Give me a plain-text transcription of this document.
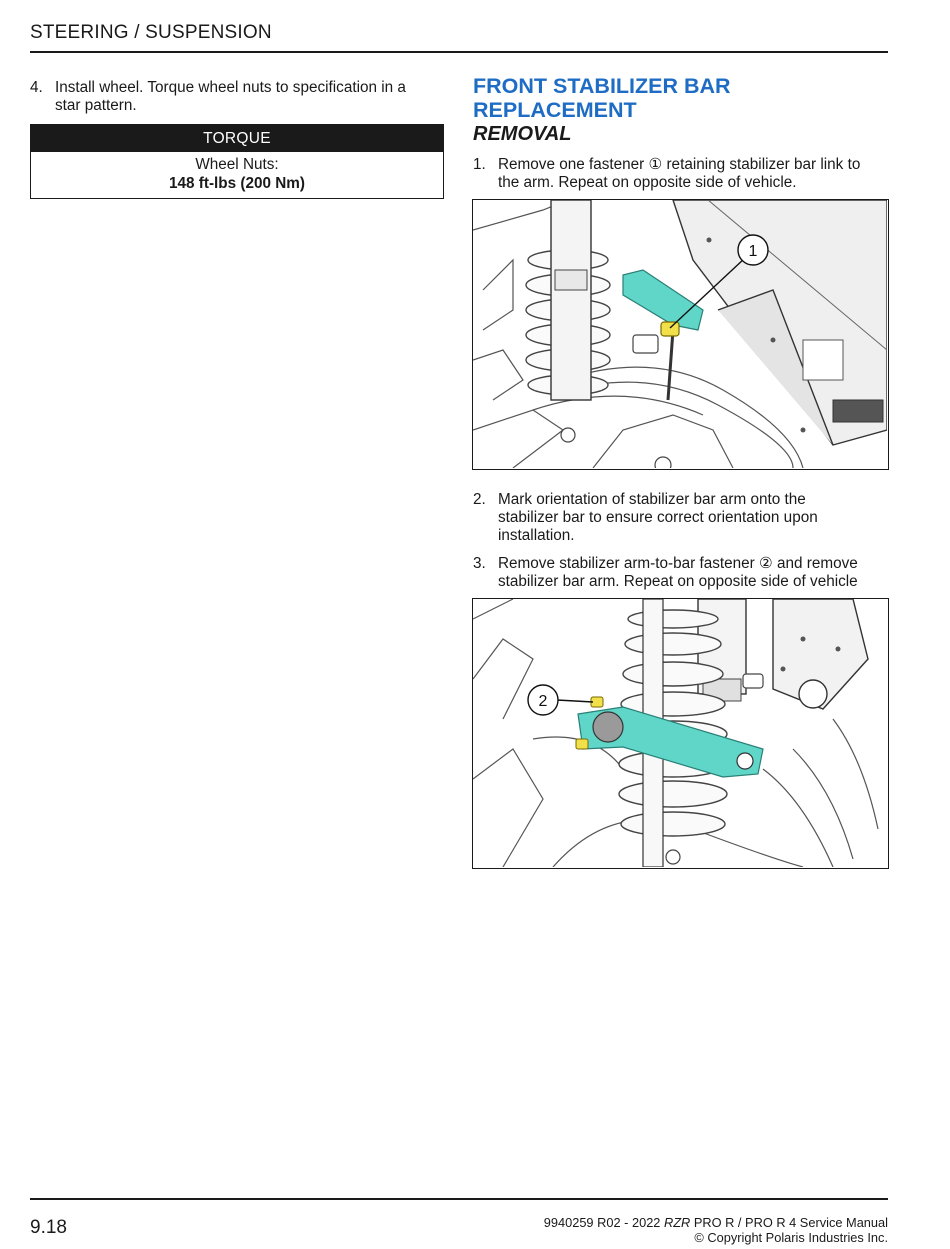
STEERING / SUSPENSION
4. Install wheel. Torque wheel nuts to specification in a
star pattern.
TORQUE
Wheel Nuts:
148 ft-lbs (200 Nm)
FRONT STABILIZER BAR
REPLACEMENT
REMOVAL
1. Remove one fastener ① retaining stabilizer bar link to
the arm. Repeat on opposite side of vehicle.
1
2. Mark orientation of stabilizer bar arm onto the
stabilizer bar to ensure correct orientation upon
installation.
3. Remove stabilizer arm-to-bar fastener ② and remove
stabilizer bar arm. Repeat on opposite side of vehicle
2
9.18	9940259 R02 - 2022 RZR PRO R / PRO R 4 Service Manual
© Copyright Polaris Industries Inc.
